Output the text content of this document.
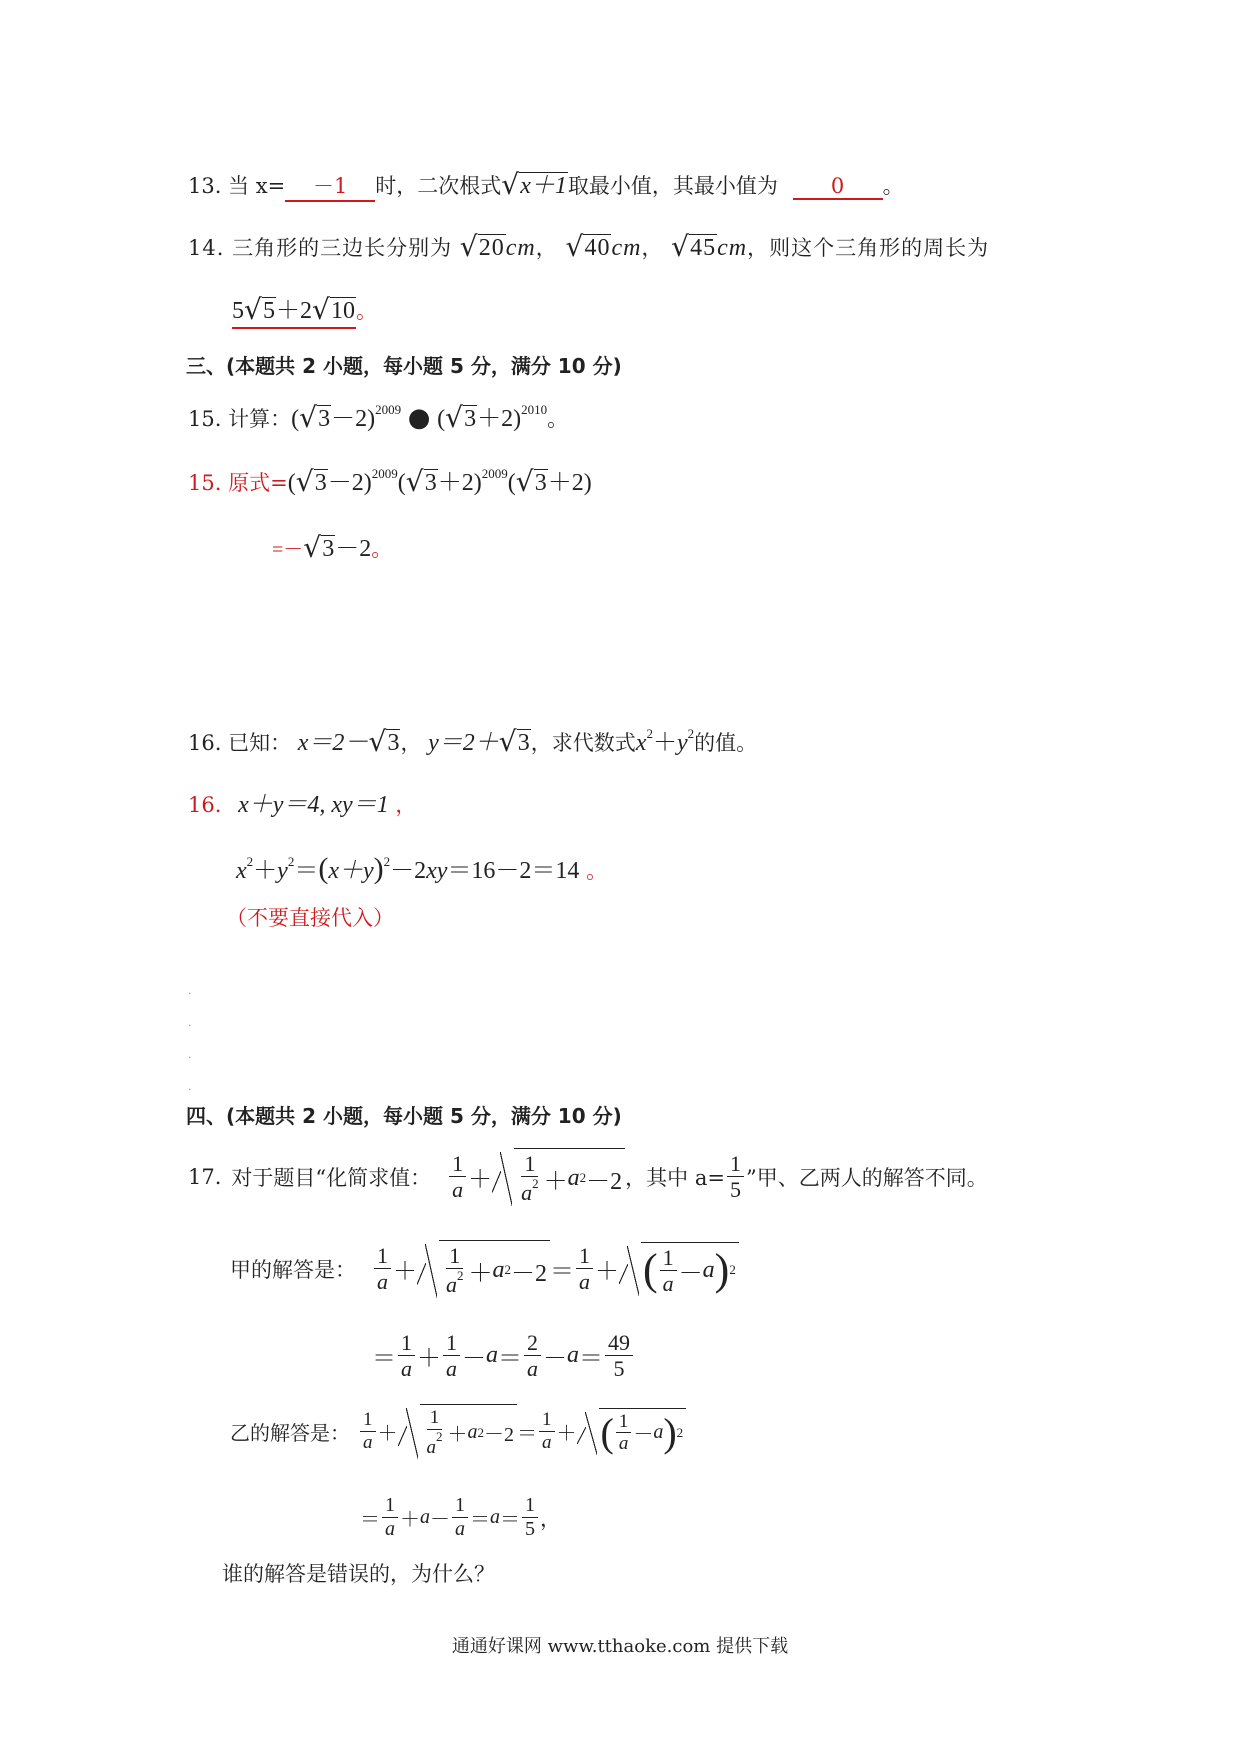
13. 当 x= －1 时，二次根式 √ x＋1取最小值，其最小值为	0 。
14. 三角形的三边长分别为 √ 20cm， √ 40cm， √ 45cm，则这个三角形的周长为
5 √ 5＋2 √ 10。
三、(本题共 2 小题，每小题 5 分，满分 10 分)
15. 计算：( √ 3－2)$^{2009}$ ● ( √ 3＋2)$^{2010}$。
15. 原式=( √ 3－2)$^{2009}$( √ 3＋2)$^{2009}$( √ 3＋2)
=－ √ 3－2。
16. 已知： x＝2－ √ 3， y＝2＋ √ 3，求代数式$x^2+y^2$的值。
16. x＋y＝4, xy＝1 ，
$x^2+y^2=(x+y)^2-2xy=16-2=14$ 。
（不要直接代入）
.
.
.
.
四、(本题共 2 小题，每小题 5 分，满分 10 分)
17. 对于题目“化简求值： $\frac{1}{a} + \frac{1}{a^2} + a$ 2 －2 ，其中 $a= \frac{1}{5}$ ”甲、乙两人的解答不同。
甲的解答是： $\frac{1}{a} + \frac{1}{a^2} + a$ $2 -2 = \frac{1}{a}$ ＋ ( $\frac{1}{a} - a$ ) 2
＝ $\frac{1}{a} + \frac{1}{a} - a = \frac{2}{a} - a = \frac{49}{5}$
乙的解答是： $\frac{1}{a} + \frac{1}{a^2} + a$ $2 -2 = \frac{1}{a}$ ＋ ( $\frac{1}{a} - a$ ) 2
＝ $\frac{1}{a} + a - \frac{1}{a} = a = \frac{1}{5}$ ，
谁的解答是错误的，为什么？
通通好课网 www.tthaoke.com 提供下载
